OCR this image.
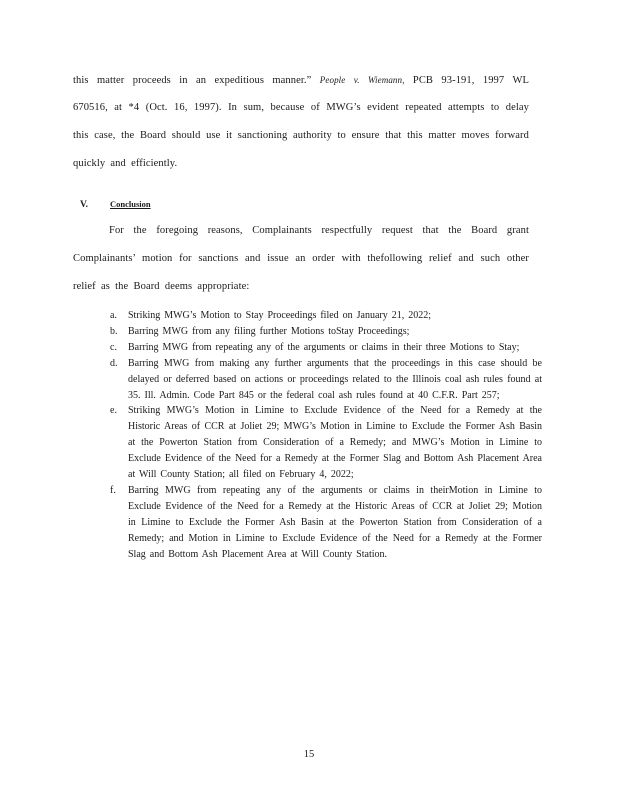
this matter proceeds in an expeditious manner.” People v. Wiemann, PCB 93-191, 1997 WL
670516, at *4 (Oct. 16, 1997). In sum, because of MWG’s evident repeated attempts to delay
this case, the Board should use it sanctioning authority to ensure that this matter moves forward
quickly and efficiently.
V.	Conclusion
For the foregoing reasons, Complainants respectfully request that the Board grant
Complainants’ motion for sanctions and issue an order with thefollowing relief and such other
relief as the Board deems appropriate:
a. Striking MWG’s Motion to Stay Proceedings filed on January 21, 2022;
b. Barring MWG from any filing further Motions toStay Proceedings;
c. Barring MWG from repeating any of the arguments or claims in their three Motions to Stay;
d. Barring MWG from making any further arguments that the proceedings in this case should be delayed or deferred based on actions or proceedings related to the Illinois coal ash rules found at 35. Ill. Admin. Code Part 845 or the federal coal ash rules found at 40 C.F.R. Part 257;
e. Striking MWG’s Motion in Limine to Exclude Evidence of the Need for a Remedy at the Historic Areas of CCR at Joliet 29; MWG’s Motion in Limine to Exclude the Former Ash Basin at the Powerton Station from Consideration of a Remedy; and MWG’s Motion in Limine to Exclude Evidence of the Need for a Remedy at the Former Slag and Bottom Ash Placement Area at Will County Station; all filed on February 4, 2022;
f. Barring MWG from repeating any of the arguments or claims in theirMotion in Limine to Exclude Evidence of the Need for a Remedy at the Historic Areas of CCR at Joliet 29; Motion in Limine to Exclude the Former Ash Basin at the Powerton Station from Consideration of a Remedy; and Motion in Limine to Exclude Evidence of the Need for a Remedy at the Former Slag and Bottom Ash Placement Area at Will County Station.
15
